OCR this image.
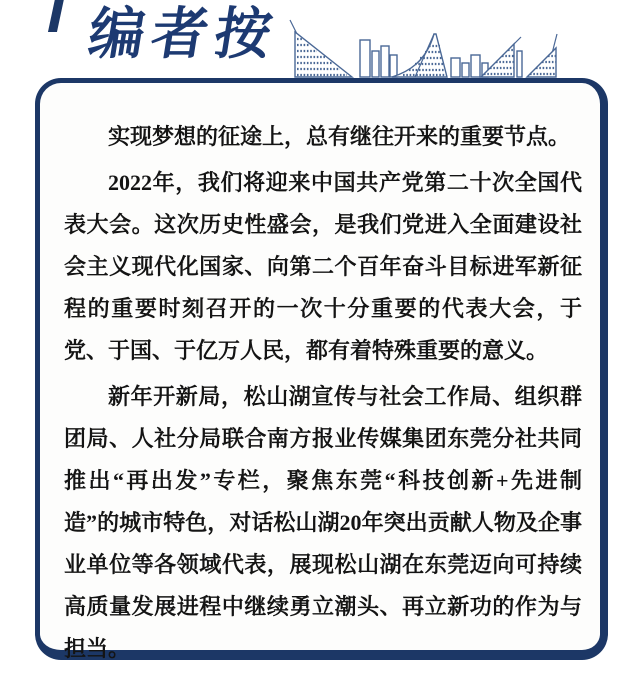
编者按

实现梦想的征途上，总有继往开来的重要节点。

2022年，我们将迎来中国共产党第二十次全国代表大会。这次历史性盛会，是我们党进入全面建设社会主义现代化国家、向第二个百年奋斗目标进军新征程的重要时刻召开的一次十分重要的代表大会，于党、于国、于亿万人民，都有着特殊重要的意义。

新年开新局，松山湖宣传与社会工作局、组织群团局、人社分局联合南方报业传媒集团东莞分社共同推出“再出发”专栏，聚焦东莞“科技创新+先进制造”的城市特色，对话松山湖20年突出贡献人物及企事业单位等各领域代表，展现松山湖在东莞迈向可持续高质量发展进程中继续勇立潮头、再立新功的作为与担当。
